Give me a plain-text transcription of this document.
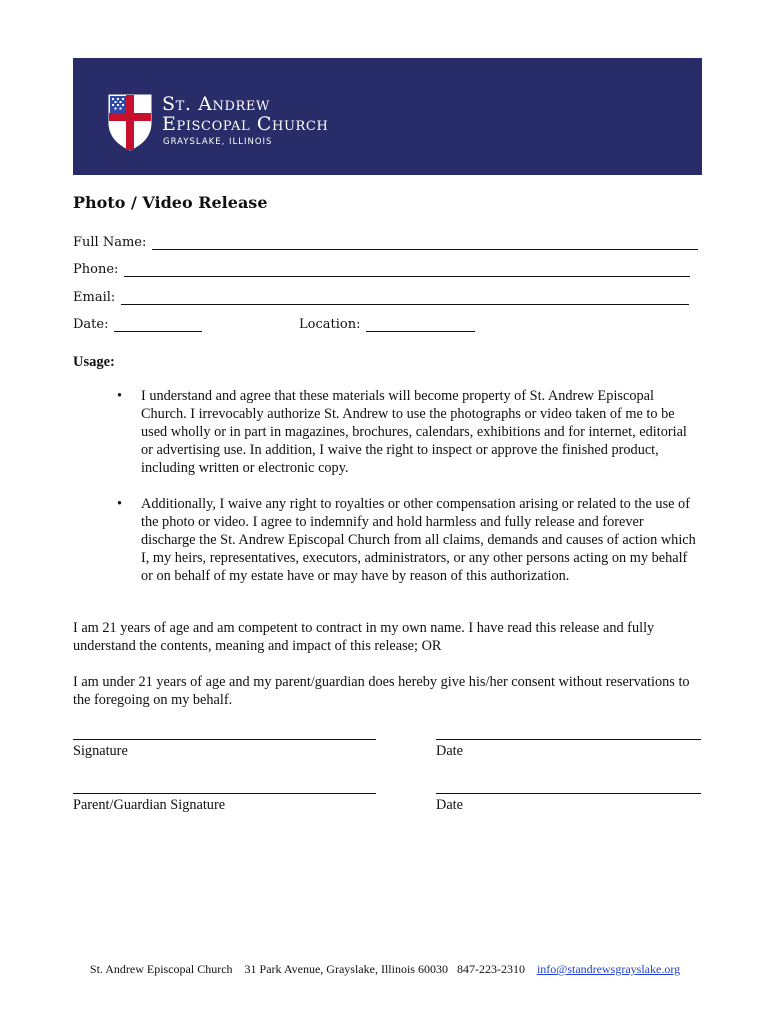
St. Andrew
Episcopal Church
GRAYSLAKE, ILLINOIS
Photo / Video Release
Full Name:
Phone:
Email:
Date:	Location:
Usage:
• I understand and agree that these materials will become property of St. Andrew Episcopal Church. I irrevocably authorize St. Andrew to use the photographs or video taken of me to be used wholly or in part in magazines, brochures, calendars, exhibitions and for internet, editorial or advertising use. In addition, I waive the right to inspect or approve the finished product, including written or electronic copy.
• Additionally, I waive any right to royalties or other compensation arising or related to the use of the photo or video. I agree to indemnify and hold harmless and fully release and forever discharge the St. Andrew Episcopal Church from all claims, demands and causes of action which I, my heirs, representatives, executors, administrators, or any other persons acting on my behalf or on behalf of my estate have or may have by reason of this authorization.
I am 21 years of age and am competent to contract in my own name. I have read this release and fully understand the contents, meaning and impact of this release; OR
I am under 21 years of age and my parent/guardian does hereby give his/her consent without reservations to the foregoing on my behalf.
Signature	Date
Parent/Guardian Signature	Date
St. Andrew Episcopal Church 31 Park Avenue, Grayslake, Illinois 60030 847-223-2310 info@standrewsgrayslake.org
